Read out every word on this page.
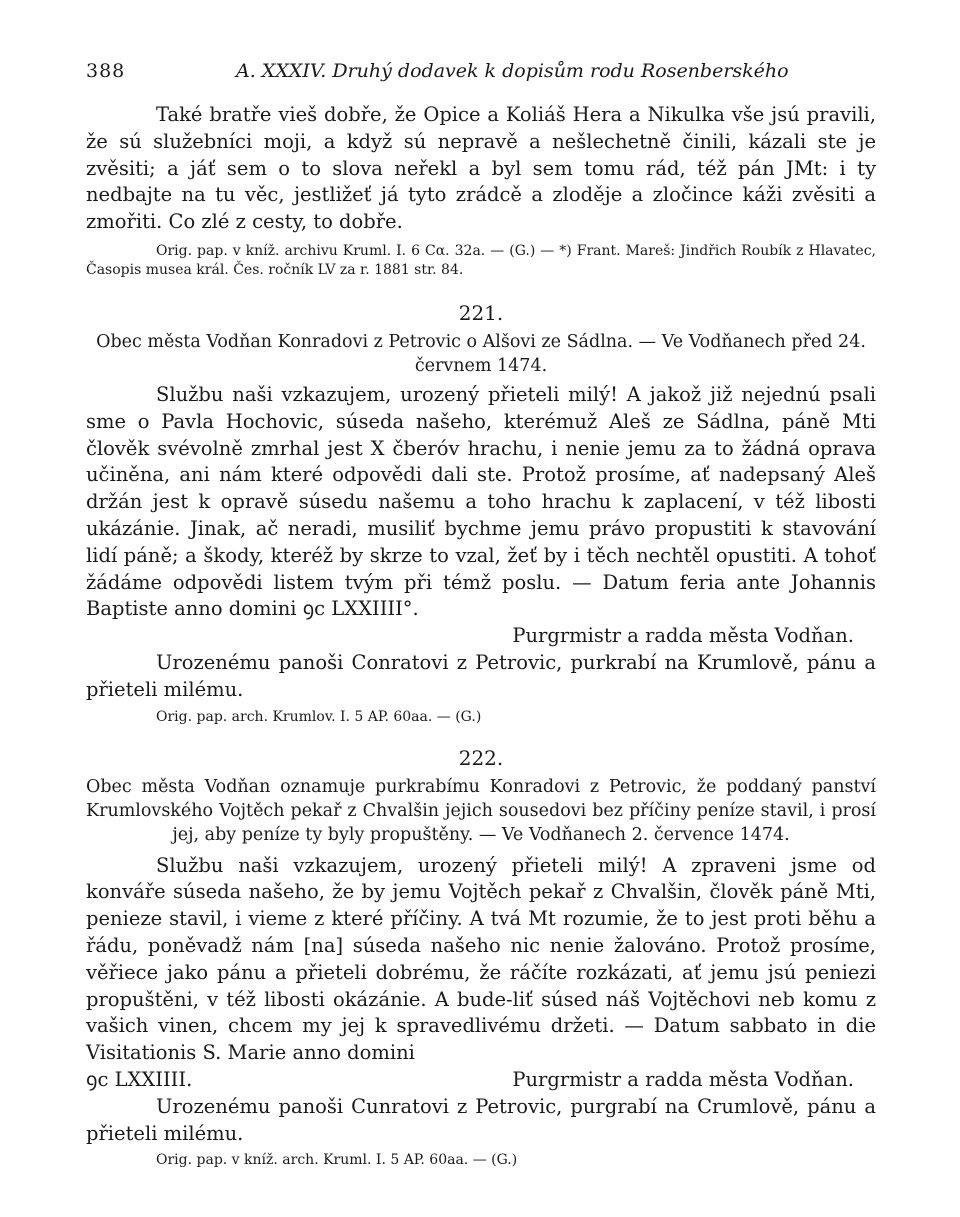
388	A. XXXIV. Druhý dodavek k dopisům rodu Rosenberského

Také bratře vieš dobře, že Opice a Koliáš Hera a Nikulka vše jsú pravili, že sú služebníci moji, a když sú nepravě a nešlechetně činili, kázali ste je zvěsiti; a jáť sem o to slova neřekl a byl sem tomu rád, též pán JMt: i ty nedbajte na tu věc, jestližeť já tyto zrádcě a zloděje a zločince káži zvěsiti a zmořiti. Co zlé z cesty, to dobře.

Orig. pap. v kníž. archivu Kruml. I. 6 Cα. 32a. — (G.) — *) Frant. Mareš: Jindřich Roubík z Hlavatec, Časopis musea král. Čes. ročník LV za r. 1881 str. 84.

221.
Obec města Vodňan Konradovi z Petrovic o Alšovi ze Sádlna. — Ve Vodňanech před 24. červnem 1474.

Službu naši vzkazujem, urozený přieteli milý! A jakož již nejednú psali sme o Pavla Hochovic, súseda našeho, kterémuž Aleš ze Sádlna, páně Mti člověk svévolně zmrhal jest X čberóv hrachu, i nenie jemu za to žádná oprava učiněna, ani nám které odpovědi dali ste. Protož prosíme, ať nadepsaný Aleš držán jest k opravě súsedu našemu a toho hrachu k zaplacení, v též libosti ukázánie. Jinak, ač neradi, musiliť bychme jemu právo propustiti k stavování lidí páně; a škody, kteréž by skrze to vzal, žeť by i těch nechtěl opustiti. A tohoť žádáme odpovědi listem tvým při témž poslu. — Datum feria ante Johannis Baptiste anno domini ꝯc LXXIIII°.

Purgrmistr a radda města Vodňan.

Urozenému panoši Conratovi z Petrovic, purkrabí na Krumlově, pánu a přieteli milému.

Orig. pap. arch. Krumlov. I. 5 AP. 60aa. — (G.)

222.
Obec města Vodňan oznamuje purkrabímu Konradovi z Petrovic, že poddaný panství Krumlovského Vojtěch pekař z Chvalšin jejich sousedovi bez příčiny peníze stavil, i prosí jej, aby peníze ty byly propuštěny. — Ve Vodňanech 2. července 1474.

Službu naši vzkazujem, urozený přieteli milý! A zpraveni jsme od konváře súseda našeho, že by jemu Vojtěch pekař z Chvalšin, člověk páně Mti, penieze stavil, i vieme z které příčiny. A tvá Mt rozumie, že to jest proti běhu a řádu, poněvadž nám [na] súseda našeho nic nenie žalováno. Protož prosíme, věřiece jako pánu a přieteli dobrému, že ráčíte rozkázati, ať jemu jsú peniezi propuštěni, v též libosti okázánie. A bude-liť súsed náš Vojtěchovi neb komu z vašich vinen, chcem my jej k spravedlivému držeti. — Datum sabbato in die Visitationis S. Marie anno domini

ꝯc LXXIIII.	Purgrmistr a radda města Vodňan.

Urozenému panoši Cunratovi z Petrovic, purgrabí na Crumlově, pánu a přieteli milému.

Orig. pap. v kníž. arch. Kruml. I. 5 AP. 60aa. — (G.)
